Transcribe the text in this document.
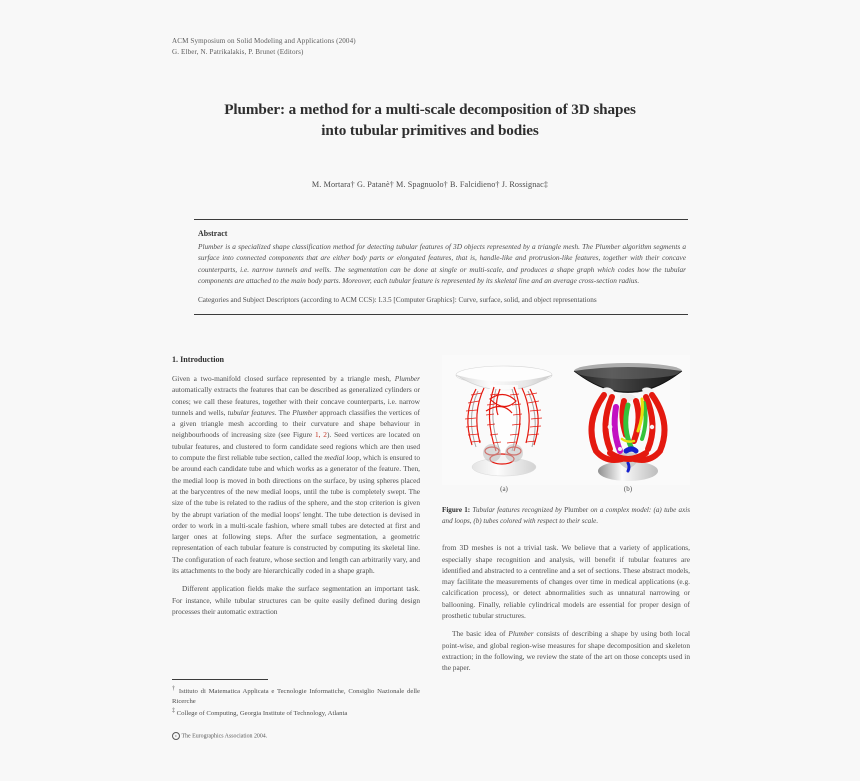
ACM Symposium on Solid Modeling and Applications (2004)
G. Elber, N. Patrikalakis, P. Brunet (Editors)
Plumber: a method for a multi-scale decomposition of 3D shapes
into tubular primitives and bodies
M. Mortara† G. Patanè† M. Spagnuolo† B. Falcidieno† J. Rossignac‡
Abstract
Plumber is a specialized shape classification method for detecting tubular features of 3D objects represented by a triangle mesh. The Plumber algorithm segments a surface into connected components that are either body parts or elongated features, that is, handle-like and protrusion-like features, together with their concave counterparts, i.e. narrow tunnels and wells. The segmentation can be done at single or multi-scale, and produces a shape graph which codes how the tubular components are attached to the main body parts. Moreover, each tubular feature is represented by its skeletal line and an average cross-section radius.
Categories and Subject Descriptors (according to ACM CCS): I.3.5 [Computer Graphics]: Curve, surface, solid, and object representations
1. Introduction

Given a two-manifold closed surface represented by a triangle mesh, Plumber automatically extracts the features that can be described as generalized cylinders or cones; we call these features, together with their concave counterparts, i.e. narrow tunnels and wells, tubular features. The Plumber approach classifies the vertices of a given triangle mesh according to their curvature and shape behaviour in neighbourhoods of increasing size (see Figure 1, 2). Seed vertices are located on tubular features, and clustered to form candidate seed regions which are then used to compute the first reliable tube section, called the medial loop, which is ensured to be around each candidate tube and which works as a generator of the feature. Then, the medial loop is moved in both directions on the surface, by using spheres placed at the barycentres of the new medial loops, until the tube is completely swept. The size of the tube is related to the radius of the sphere, and the stop criterion is given by the abrupt variation of the medial loops' lenght. The tube detection is devised in order to work in a multi-scale fashion, where small tubes are detected at first and larger ones at following steps. After the surface segmentation, a geometric representation of each tubular feature is constructed by computing its skeletal line. The configuration of each feature, whose section and length can arbitrarily vary, and its attachments to the body are hierarchically coded in a shape graph.

Different application fields make the surface segmentation an important task. For instance, while tubular structures can be quite easily defined during design processes their automatic extraction

(a)	(b)
Figure 1: Tubular features recognized by Plumber on a complex model: (a) tube axis and loops, (b) tubes colored with respect to their scale.

from 3D meshes is not a trivial task. We believe that a variety of applications, especially shape recognition and analysis, will benefit if tubular features are identified and abstracted to a centreline and a set of sections. These abstract models, may facilitate the measurements of changes over time in medical applications (e.g. calcification process), or detect abnormalities such as unnatural narrowing or ballooning. Finally, reliable cylindrical models are essential for proper design of prosthetic tubular structures.

The basic idea of Plumber consists of describing a shape by using both local point-wise, and global region-wise measures for shape decomposition and skeleton extraction; in the following, we review the state of the art on those concepts used in the paper.

† Istituto di Matematica Applicata e Tecnologie Informatiche, Consiglio Nazionale delle Ricerche
‡ College of Computing, Georgia Institute of Technology, Atlanta
c The Eurographics Association 2004.
